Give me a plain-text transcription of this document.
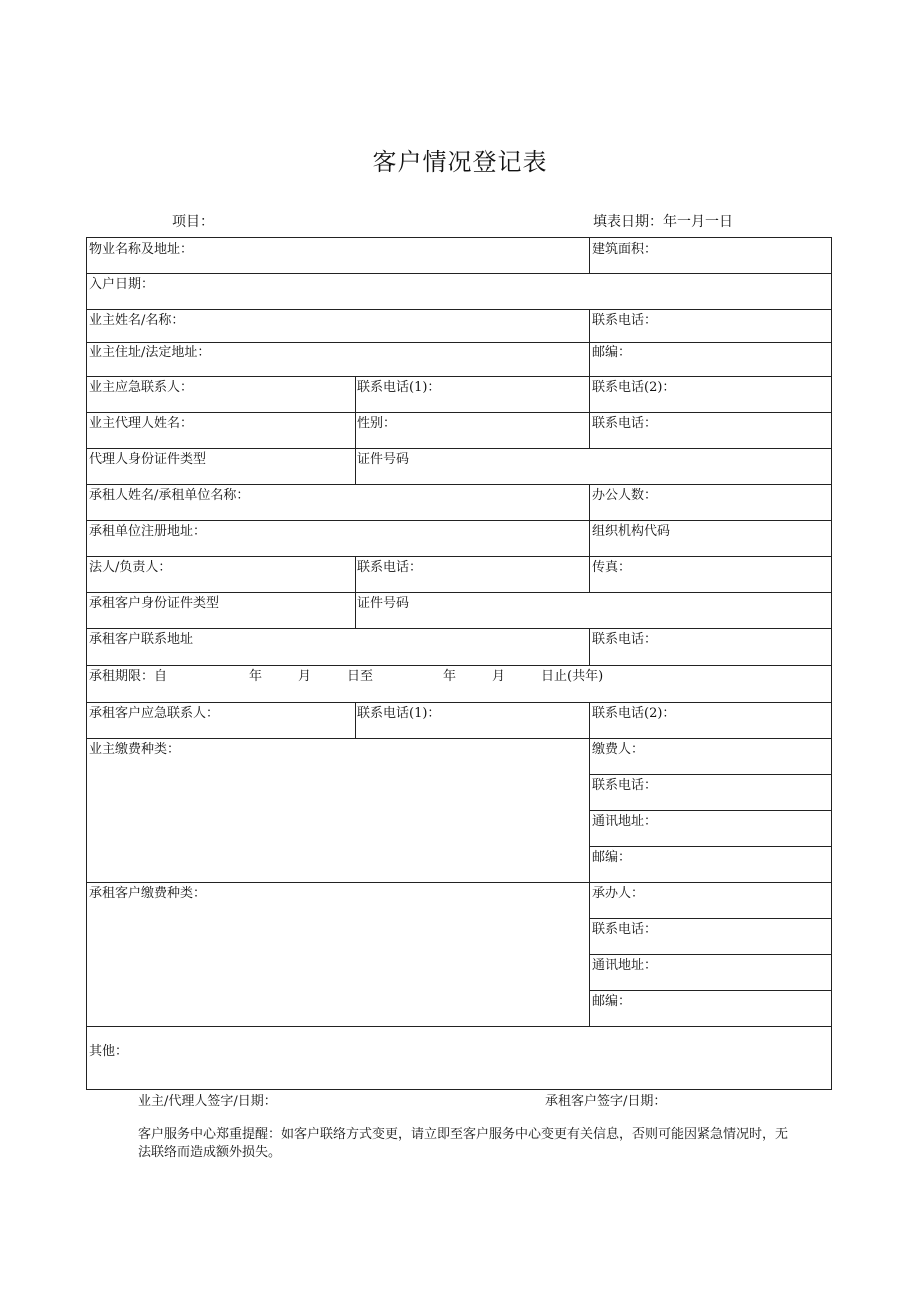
客户情况登记表
项目：	填表日期：年一月一日
物业名称及地址：	建筑面积：
入户日期：
业主姓名/名称：	联系电话：
业主住址/法定地址：	邮编：
业主应急联系人：	联系电话(1)：	联系电话(2)：
业主代理人姓名：	性别：	联系电话：
代理人身份证件类型	证件号码
承租人姓名/承租单位名称：	办公人数：
承租单位注册地址：	组织机构代码
法人/负责人：	联系电话：	传真：
承租客户身份证件类型	证件号码
承租客户联系地址	联系电话：
承租期限：自	年	月	日至	年	月	日止(共年)
承租客户应急联系人：	联系电话(1)：	联系电话(2)：
业主缴费种类：	缴费人：
联系电话：
通讯地址：
邮编：
承租客户缴费种类：	承办人：
联系电话：
通讯地址：
邮编：
其他：
业主/代理人签字/日期：	承租客户签字/日期：

客户服务中心郑重提醒：如客户联络方式变更，请立即至客户服务中心变更有关信息，否则可能因紧急情况时，无

法联络而造成额外损失。
